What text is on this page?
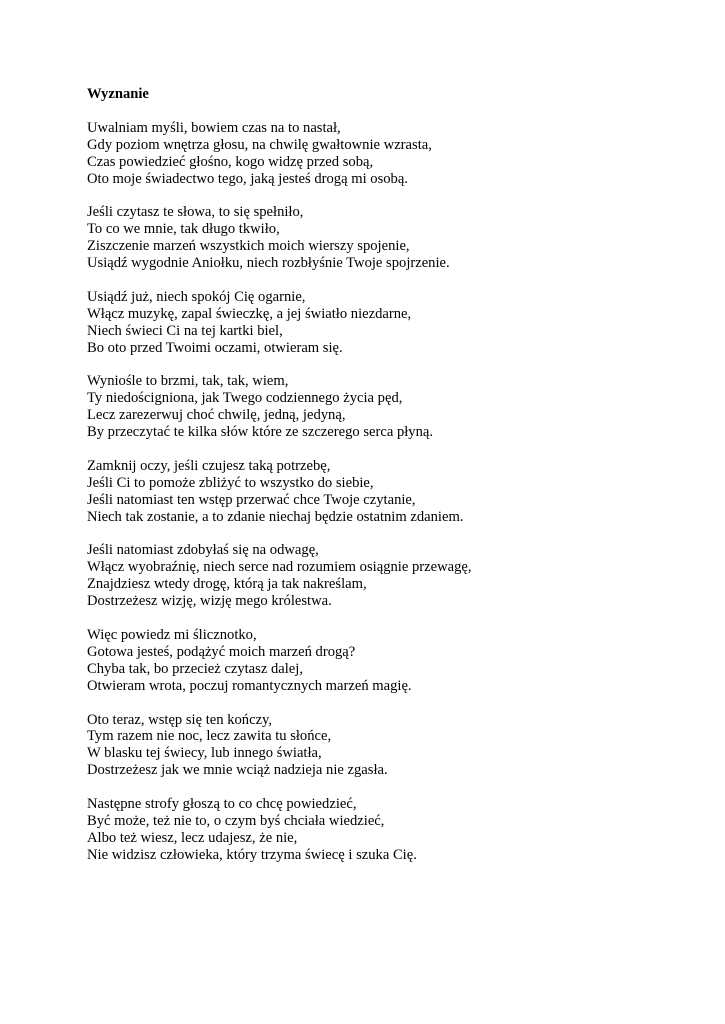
Wyznanie
Uwalniam myśli, bowiem czas na to nastał,
Gdy poziom wnętrza głosu, na chwilę gwałtownie wzrasta,
Czas powiedzieć głośno, kogo widzę przed sobą,
Oto moje świadectwo tego, jaką jesteś drogą mi osobą.
Jeśli czytasz te słowa, to się spełniło,
To co we mnie, tak długo tkwiło,
Ziszczenie marzeń wszystkich moich wierszy spojenie,
Usiądź wygodnie Aniołku, niech rozbłyśnie Twoje spojrzenie.
Usiądź już, niech spokój Cię ogarnie,
Włącz muzykę, zapal świeczkę, a jej światło niezdarne,
Niech świeci Ci na tej kartki biel,
Bo oto przed Twoimi oczami, otwieram się.
Wyniośle to brzmi, tak, tak, wiem,
Ty niedościgniona, jak Twego codziennego życia pęd,
Lecz zarezerwuj choć chwilę, jedną, jedyną,
By przeczytać te kilka słów które ze szczerego serca płyną.
Zamknij oczy, jeśli czujesz taką potrzebę,
Jeśli Ci to pomoże zbliżyć to wszystko do siebie,
Jeśli natomiast ten wstęp przerwać chce Twoje czytanie,
Niech tak zostanie, a to zdanie niechaj będzie ostatnim zdaniem.
Jeśli natomiast zdobyłaś się na odwagę,
Włącz wyobraźnię, niech serce nad rozumiem osiągnie przewagę,
Znajdziesz wtedy drogę, którą ja tak nakreślam,
Dostrzeżesz wizję, wizję mego królestwa.
Więc powiedz mi ślicznotko,
Gotowa jesteś, podążyć moich marzeń drogą?
Chyba tak, bo przecież czytasz dalej,
Otwieram wrota, poczuj romantycznych marzeń magię.
Oto teraz, wstęp się ten kończy,
Tym razem nie noc, lecz zawita tu słońce,
W blasku tej świecy, lub innego światła,
Dostrzeżesz jak we mnie wciąż nadzieja nie zgasła.
Następne strofy głoszą to co chcę powiedzieć,
Być może, też nie to, o czym byś chciała wiedzieć,
Albo też wiesz, lecz udajesz, że nie,
Nie widzisz człowieka, który trzyma świecę i szuka Cię.
